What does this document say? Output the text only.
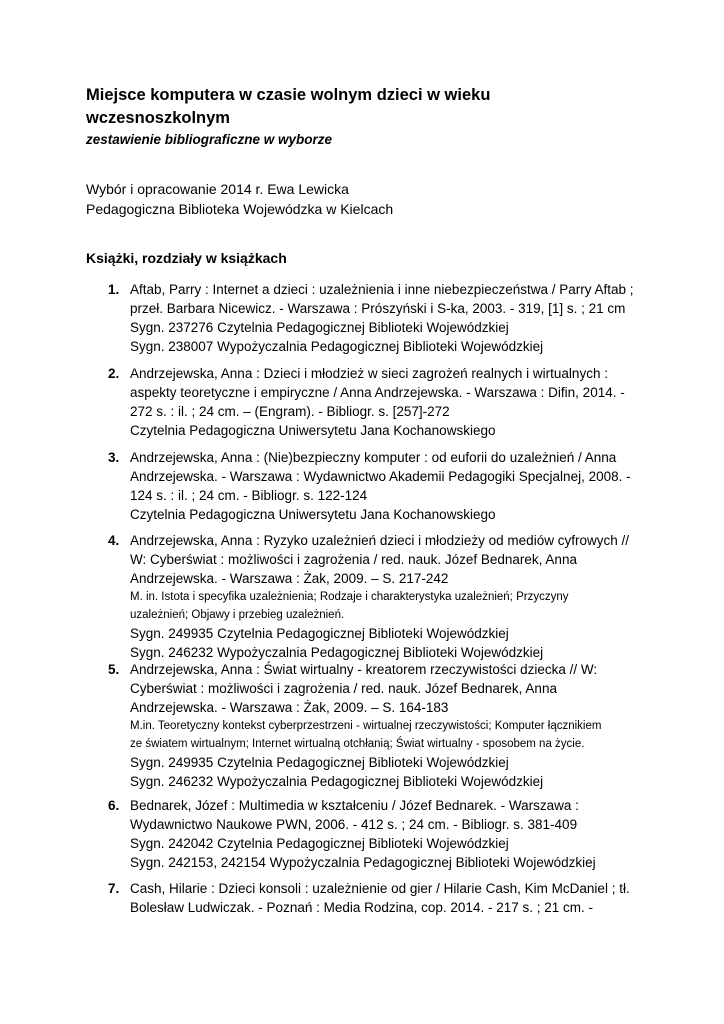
Miejsce komputera w czasie wolnym dzieci w wieku
wczesnoszkolnym
zestawienie bibliograficzne w wyborze
Wybór i opracowanie 2014 r. Ewa Lewicka
Pedagogiczna Biblioteka Wojewódzka w Kielcach
Książki, rozdziały w książkach
1. Aftab, Parry : Internet a dzieci : uzależnienia i inne niebezpieczeństwa / Parry Aftab ;
przeł. Barbara Nicewicz. - Warszawa : Prószyński i S-ka, 2003. - 319, [1] s. ; 21 cm
Sygn. 237276 Czytelnia Pedagogicznej Biblioteki Wojewódzkiej
Sygn. 238007 Wypożyczalnia Pedagogicznej Biblioteki Wojewódzkiej
2. Andrzejewska, Anna : Dzieci i młodzież w sieci zagrożeń realnych i wirtualnych :
aspekty teoretyczne i empiryczne / Anna Andrzejewska. - Warszawa : Difin, 2014. -
272 s. : il. ; 24 cm. – (Engram). - Bibliogr. s. [257]-272
Czytelnia Pedagogiczna Uniwersytetu Jana Kochanowskiego
3. Andrzejewska, Anna : (Nie)bezpieczny komputer : od euforii do uzależnień / Anna
Andrzejewska. - Warszawa : Wydawnictwo Akademii Pedagogiki Specjalnej, 2008. -
124 s. : il. ; 24 cm. - Bibliogr. s. 122-124
Czytelnia Pedagogiczna Uniwersytetu Jana Kochanowskiego
4. Andrzejewska, Anna : Ryzyko uzależnień dzieci i młodzieży od mediów cyfrowych //
W: Cyberświat : możliwości i zagrożenia / red. nauk. Józef Bednarek, Anna
Andrzejewska. - Warszawa : Żak, 2009. – S. 217-242
M. in. Istota i specyfika uzależnienia; Rodzaje i charakterystyka uzależnień; Przyczyny
uzależnień; Objawy i przebieg uzależnień.
Sygn. 249935 Czytelnia Pedagogicznej Biblioteki Wojewódzkiej
Sygn. 246232 Wypożyczalnia Pedagogicznej Biblioteki Wojewódzkiej
5. Andrzejewska, Anna : Świat wirtualny - kreatorem rzeczywistości dziecka // W:
Cyberświat : możliwości i zagrożenia / red. nauk. Józef Bednarek, Anna
Andrzejewska. - Warszawa : Żak, 2009. – S. 164-183
M.in. Teoretyczny kontekst cyberprzestrzeni - wirtualnej rzeczywistości; Komputer łącznikiem
ze światem wirtualnym; Internet wirtualną otchłanią; Świat wirtualny - sposobem na życie.
Sygn. 249935 Czytelnia Pedagogicznej Biblioteki Wojewódzkiej
Sygn. 246232 Wypożyczalnia Pedagogicznej Biblioteki Wojewódzkiej
6. Bednarek, Józef : Multimedia w kształceniu / Józef Bednarek. - Warszawa :
Wydawnictwo Naukowe PWN, 2006. - 412 s. ; 24 cm. - Bibliogr. s. 381-409
Sygn. 242042 Czytelnia Pedagogicznej Biblioteki Wojewódzkiej
Sygn. 242153, 242154 Wypożyczalnia Pedagogicznej Biblioteki Wojewódzkiej
7. Cash, Hilarie : Dzieci konsoli : uzależnienie od gier / Hilarie Cash, Kim McDaniel ; tł.
Bolesław Ludwiczak. - Poznań : Media Rodzina, cop. 2014. - 217 s. ; 21 cm. -
